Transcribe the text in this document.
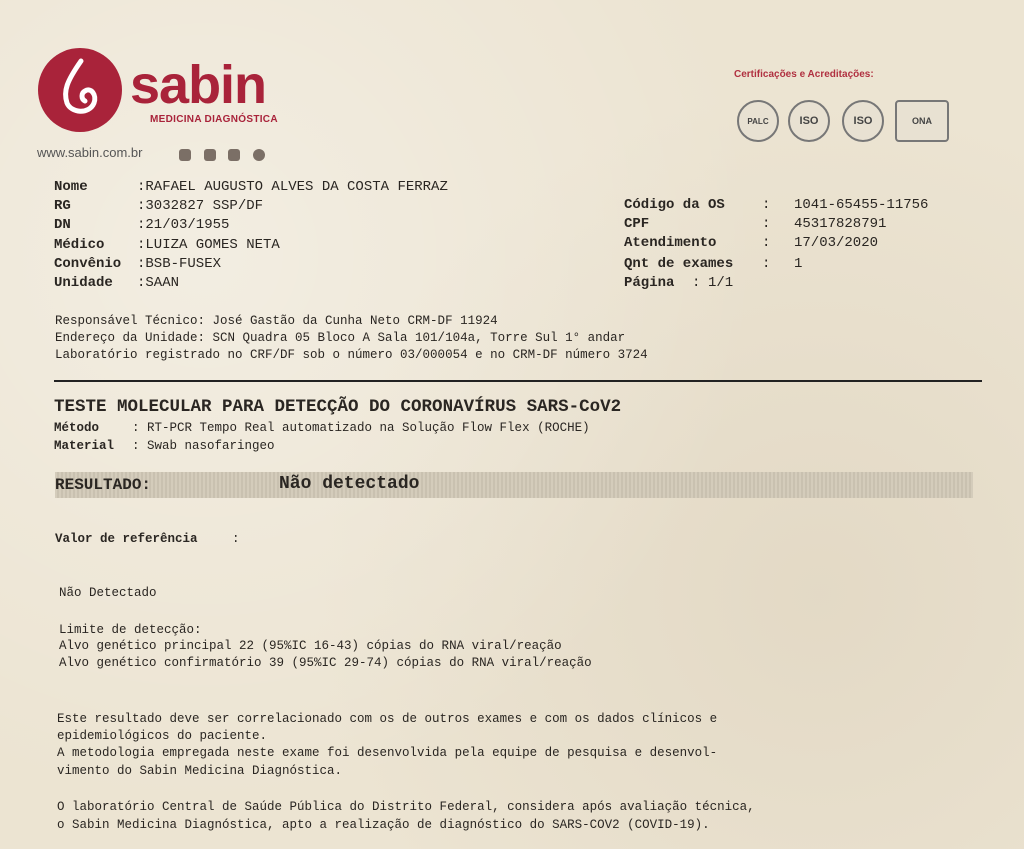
sabin
MEDICINA DIAGNÓSTICA
www.sabin.com.br

Certificações e Acreditações:
PALC	ISO	ISO	ONA
Nome	:RAFAEL AUGUSTO ALVES DA COSTA FERRAZ
RG	:3032827 SSP/DF
DN	:21/03/1955
Médico :LUIZA GOMES NETA
Convênio :BSB-FUSEX
Unidade :SAAN
Código da OS	: 1041-65455-11756
CPF	: 45317828791
Atendimento	: 17/03/2020
Qnt de exames : 1
Página : 1/1
Responsável Técnico: José Gastão da Cunha Neto CRM-DF 11924
Endereço da Unidade: SCN Quadra 05 Bloco A Sala 101/104a, Torre Sul 1° andar
Laboratório registrado no CRF/DF sob o número 03/000054 e no CRM-DF número 3724
TESTE MOLECULAR PARA DETECÇÃO DO CORONAVÍRUS SARS-CoV2
Método	: RT-PCR Tempo Real automatizado na Solução Flow Flex (ROCHE)
Material : Swab nasofaringeo
RESULTADO:	Não detectado
Valor de referência	:
Não Detectado
Limite de detecção:
Alvo genético principal 22 (95%IC 16-43) cópias do RNA viral/reação
Alvo genético confirmatório 39 (95%IC 29-74) cópias do RNA viral/reação
Este resultado deve ser correlacionado com os de outros exames e com os dados clínicos e
epidemiológicos do paciente.
A metodologia empregada neste exame foi desenvolvida pela equipe de pesquisa e desenvol-
vimento do Sabin Medicina Diagnóstica.
O laboratório Central de Saúde Pública do Distrito Federal, considera após avaliação técnica,
o Sabin Medicina Diagnóstica, apto a realização de diagnóstico do SARS-COV2 (COVID-19).
